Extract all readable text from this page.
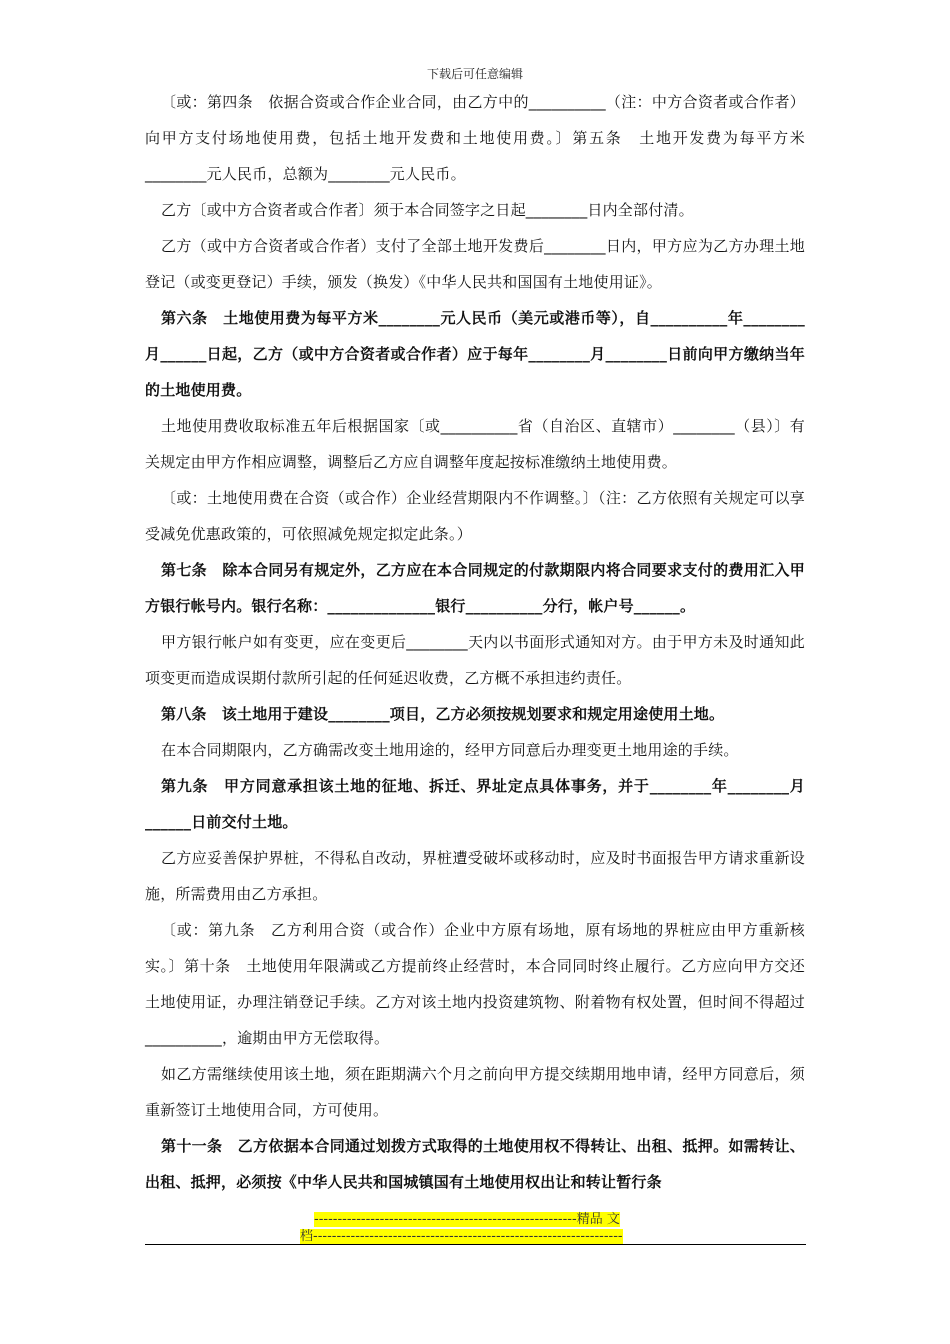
下载后可任意编辑

〔或：第四条　依据合资或合作企业合同，由乙方中的__________（注：中方合资者或合作者）向甲方支付场地使用费，包括土地开发费和土地使用费。〕第五条　土地开发费为每平方米________元人民币，总额为________元人民币。

乙方〔或中方合资者或合作者〕须于本合同签字之日起________日内全部付清。

乙方（或中方合资者或合作者）支付了全部土地开发费后________日内，甲方应为乙方办理土地登记（或变更登记）手续，颁发（换发）《中华人民共和国国有土地使用证》。

第六条　土地使用费为每平方米________元人民币（美元或港币等），自__________年________月______日起，乙方（或中方合资者或合作者）应于每年________月________日前向甲方缴纳当年的土地使用费。

土地使用费收取标准五年后根据国家〔或__________省（自治区、直辖市）________（县）〕有关规定由甲方作相应调整，调整后乙方应自调整年度起按标准缴纳土地使用费。

〔或：土地使用费在合资（或合作）企业经营期限内不作调整。〕（注：乙方依照有关规定可以享受减免优惠政策的，可依照减免规定拟定此条。）

第七条　除本合同另有规定外，乙方应在本合同规定的付款期限内将合同要求支付的费用汇入甲方银行帐号内。银行名称：______________银行__________分行，帐户号______。

甲方银行帐户如有变更，应在变更后________天内以书面形式通知对方。由于甲方未及时通知此项变更而造成误期付款所引起的任何延迟收费，乙方概不承担违约责任。

第八条　该土地用于建设________项目，乙方必须按规划要求和规定用途使用土地。

在本合同期限内，乙方确需改变土地用途的，经甲方同意后办理变更土地用途的手续。

第九条　甲方同意承担该土地的征地、拆迁、界址定点具体事务，并于________年________月______日前交付土地。

乙方应妥善保护界桩，不得私自改动，界桩遭受破坏或移动时，应及时书面报告甲方请求重新设施，所需费用由乙方承担。

〔或：第九条　乙方利用合资（或合作）企业中方原有场地，原有场地的界桩应由甲方重新核实。〕第十条　土地使用年限满或乙方提前终止经营时，本合同同时终止履行。乙方应向甲方交还土地使用证，办理注销登记手续。乙方对该土地内投资建筑物、附着物有权处置，但时间不得超过__________，逾期由甲方无偿取得。

如乙方需继续使用该土地，须在距期满六个月之前向甲方提交续期用地申请，经甲方同意后，须重新签订土地使用合同，方可使用。

第十一条　乙方依据本合同通过划拨方式取得的土地使用权不得转让、出租、抵押。如需转让、出租、抵押，必须按《中华人民共和国城镇国有土地使用权出让和转让暂行条

--------------------------------------------------------精品 文
档------------------------------------------------------------------
